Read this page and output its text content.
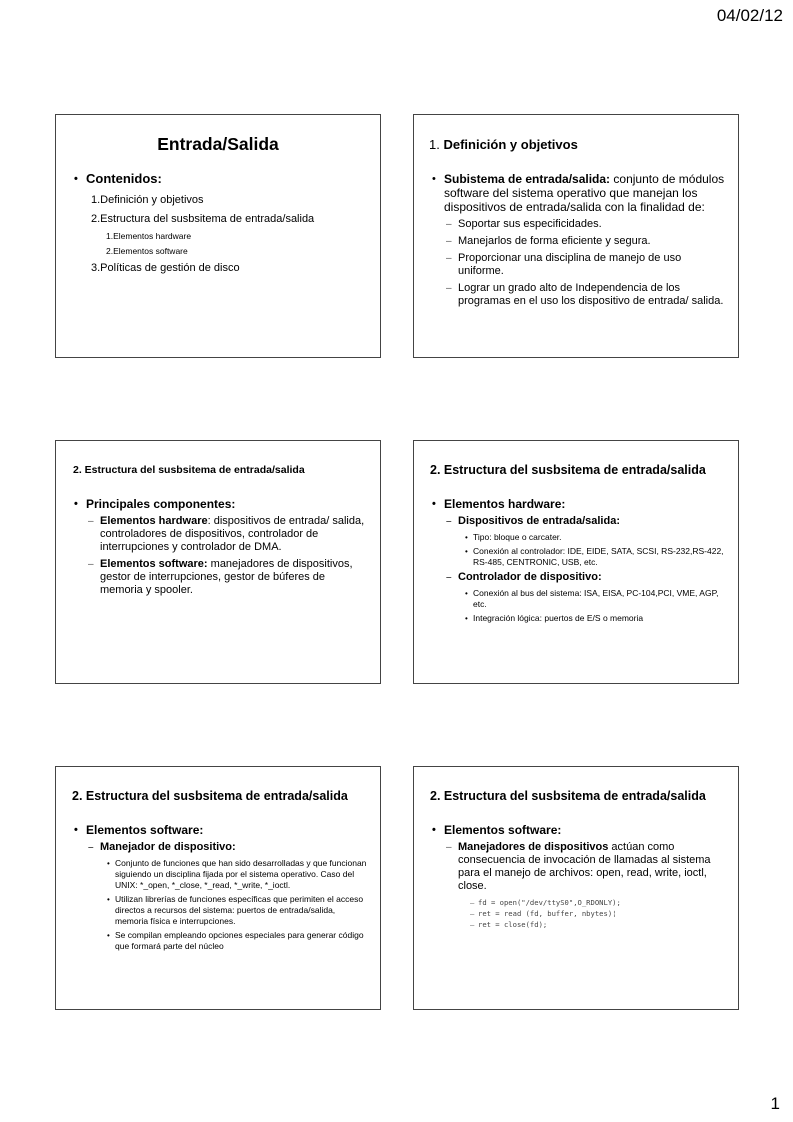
04/02/12
Entrada/Salida
• Contenidos:
1.Definición y objetivos
2.Estructura del susbsitema de entrada/salida
1.Elementos hardware
2.Elementos software
3.Políticas de gestión de disco
1. Definición y objetivos
• Subistema de entrada/salida: conjunto de módulos software del sistema operativo que manejan los dispositivos de entrada/salida con la finalidad de:
– Soportar sus especificidades.
– Manejarlos de forma eficiente y segura.
– Proporcionar una disciplina de manejo de uso uniforme.
– Lograr un grado alto de Independencia de los programas en el uso los dispositivo de entrada/ salida.
2. Estructura del susbsitema de entrada/salida
• Principales componentes:
– Elementos hardware: dispositivos de entrada/ salida, controladores de dispositivos, controlador de interrupciones y controlador de DMA.
– Elementos software: manejadores de dispositivos, gestor de interrupciones, gestor de búferes de memoria y spooler.
2. Estructura del susbsitema de entrada/salida
• Elementos hardware:
– Dispositivos de entrada/salida:
• Tipo: bloque o carcater.
• Conexión al controlador: IDE, EIDE, SATA, SCSI, RS-232,RS-422, RS-485, CENTRONIC, USB, etc.
– Controlador de dispositivo:
• Conexión al bus del sistema: ISA, EISA, PC-104,PCI, VME, AGP, etc.
• Integración lógica: puertos de E/S o memoria
2. Estructura del susbsitema de entrada/salida
• Elementos software:
– Manejador de dispositivo:
• Conjunto de funciones que han sido desarrolladas y que funcionan siguiendo un disciplina fijada por el sistema operativo. Caso del UNIX: *_open, *_close, *_read, *_write, *_ioctl.
• Utilizan librerías de funciones específicas que perimiten el acceso directos a recursos del sistema: puertos de entrada/salida, memoria física e interrupciones.
• Se compilan empleando opciones especiales para generar código que formará parte del núcleo
2. Estructura del susbsitema de entrada/salida
• Elementos software:
– Manejadores de dispositivos actúan como consecuencia de invocación de llamadas al sistema para el manejo de archivos: open, read, write, ioctl, close.
– fd = open("/dev/ttyS0",O_RDONLY);
– ret = read (fd, buffer, nbytes)¦
– ret = close(fd);
1
